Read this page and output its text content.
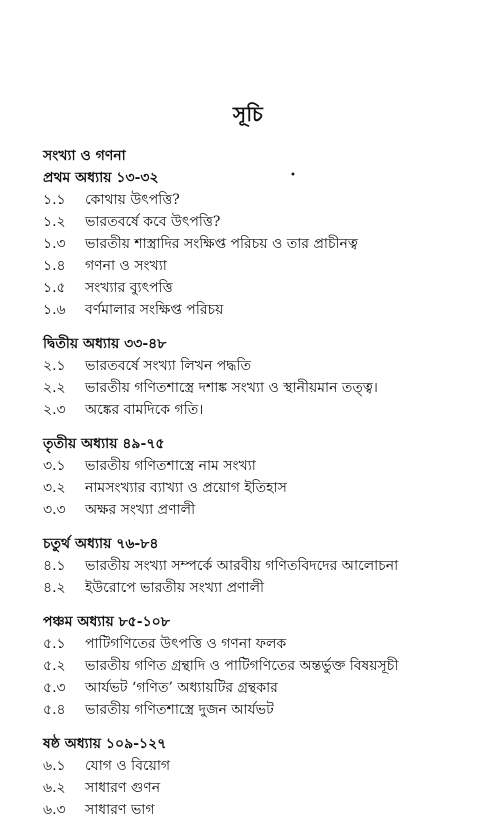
সূচি
•
সংখ্যা ও গণনা
প্রথম অধ্যায় ১৩-৩২
১.১	কোথায় উৎপত্তি?
১.২	ভারতবর্ষে কবে উৎপত্তি?
১.৩	ভারতীয় শাস্ত্রাদির সংক্ষিপ্ত পরিচয় ও তার প্রাচীনত্ব
১.৪	গণনা ও সংখ্যা
১.৫	সংখ্যার ব্যুৎপত্তি
১.৬	বর্ণমালার সংক্ষিপ্ত পরিচয়
দ্বিতীয় অধ্যায় ৩৩-৪৮
২.১	ভারতবর্ষে সংখ্যা লিখন পদ্ধতি
২.২	ভারতীয় গণিতশাস্ত্রে দশাঙ্ক সংখ্যা ও স্থানীয়মান তত্ত্ব।
২.৩	অঙ্কের বামদিকে গতি।
তৃতীয় অধ্যায় ৪৯-৭৫
৩.১	ভারতীয় গণিতশাস্ত্রে নাম সংখ্যা
৩.২	নামসংখ্যার ব্যাখ্যা ও প্রয়োগ ইতিহাস
৩.৩	অক্ষর সংখ্যা প্রণালী
চতুর্থ অধ্যায় ৭৬-৮৪
৪.১	ভারতীয় সংখ্যা সম্পর্কে আরবীয় গণিতবিদদের আলোচনা
৪.২	ইউরোপে ভারতীয় সংখ্যা প্রণালী
পঞ্চম অধ্যায় ৮৫-১০৮
৫.১	পাটিগণিতের উৎপত্তি ও গণনা ফলক
৫.২	ভারতীয় গণিত গ্রন্থাদি ও পাটিগণিতের অন্তর্ভুক্ত বিষয়সূচী
৫.৩	আর্যভট ‘গণিত’ অধ্যায়টির গ্রন্থকার
৫.৪	ভারতীয় গণিতশাস্ত্রে দুজন আর্যভট
ষষ্ঠ অধ্যায় ১০৯-১২৭
৬.১	যোগ ও বিয়োগ
৬.২	সাধারণ গুণন
৬.৩	সাধারণ ভাগ
